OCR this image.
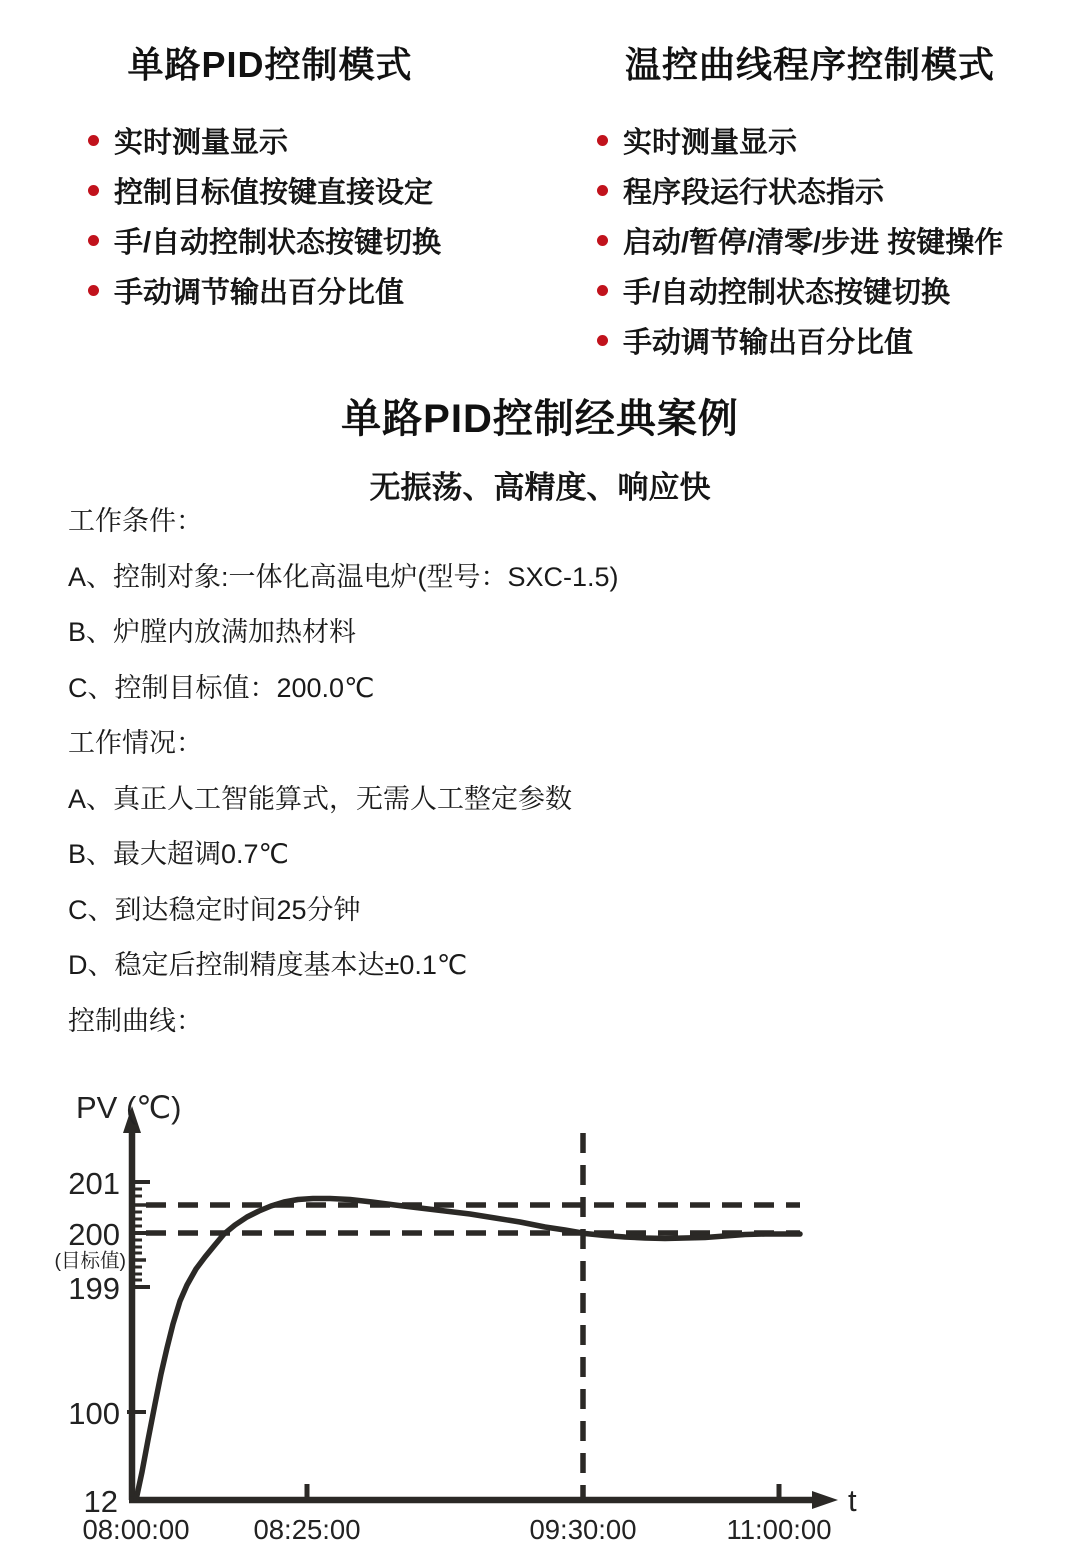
单路PID控制模式
实时测量显示
控制目标值按键直接设定
手/自动控制状态按键切换
手动调节输出百分比值
温控曲线程序控制模式
实时测量显示
程序段运行状态指示
启动/暂停/清零/步进 按键操作
手/自动控制状态按键切换
手动调节输出百分比值
单路PID控制经典案例
无振荡、高精度、响应快
工作条件：
A、控制对象:一体化高温电炉(型号：SXC-1.5)
B、炉膛内放满加热材料
C、控制目标值：200.0℃
工作情况：
A、真正人工智能算式，无需人工整定参数
B、最大超调0.7℃
C、到达稳定时间25分钟
D、稳定后控制精度基本达±0.1℃
控制曲线：
PV (℃)
201
200
(目标值)
199
100
12
08:00:00 08:25:00	09:30:00	11:00:00
t
